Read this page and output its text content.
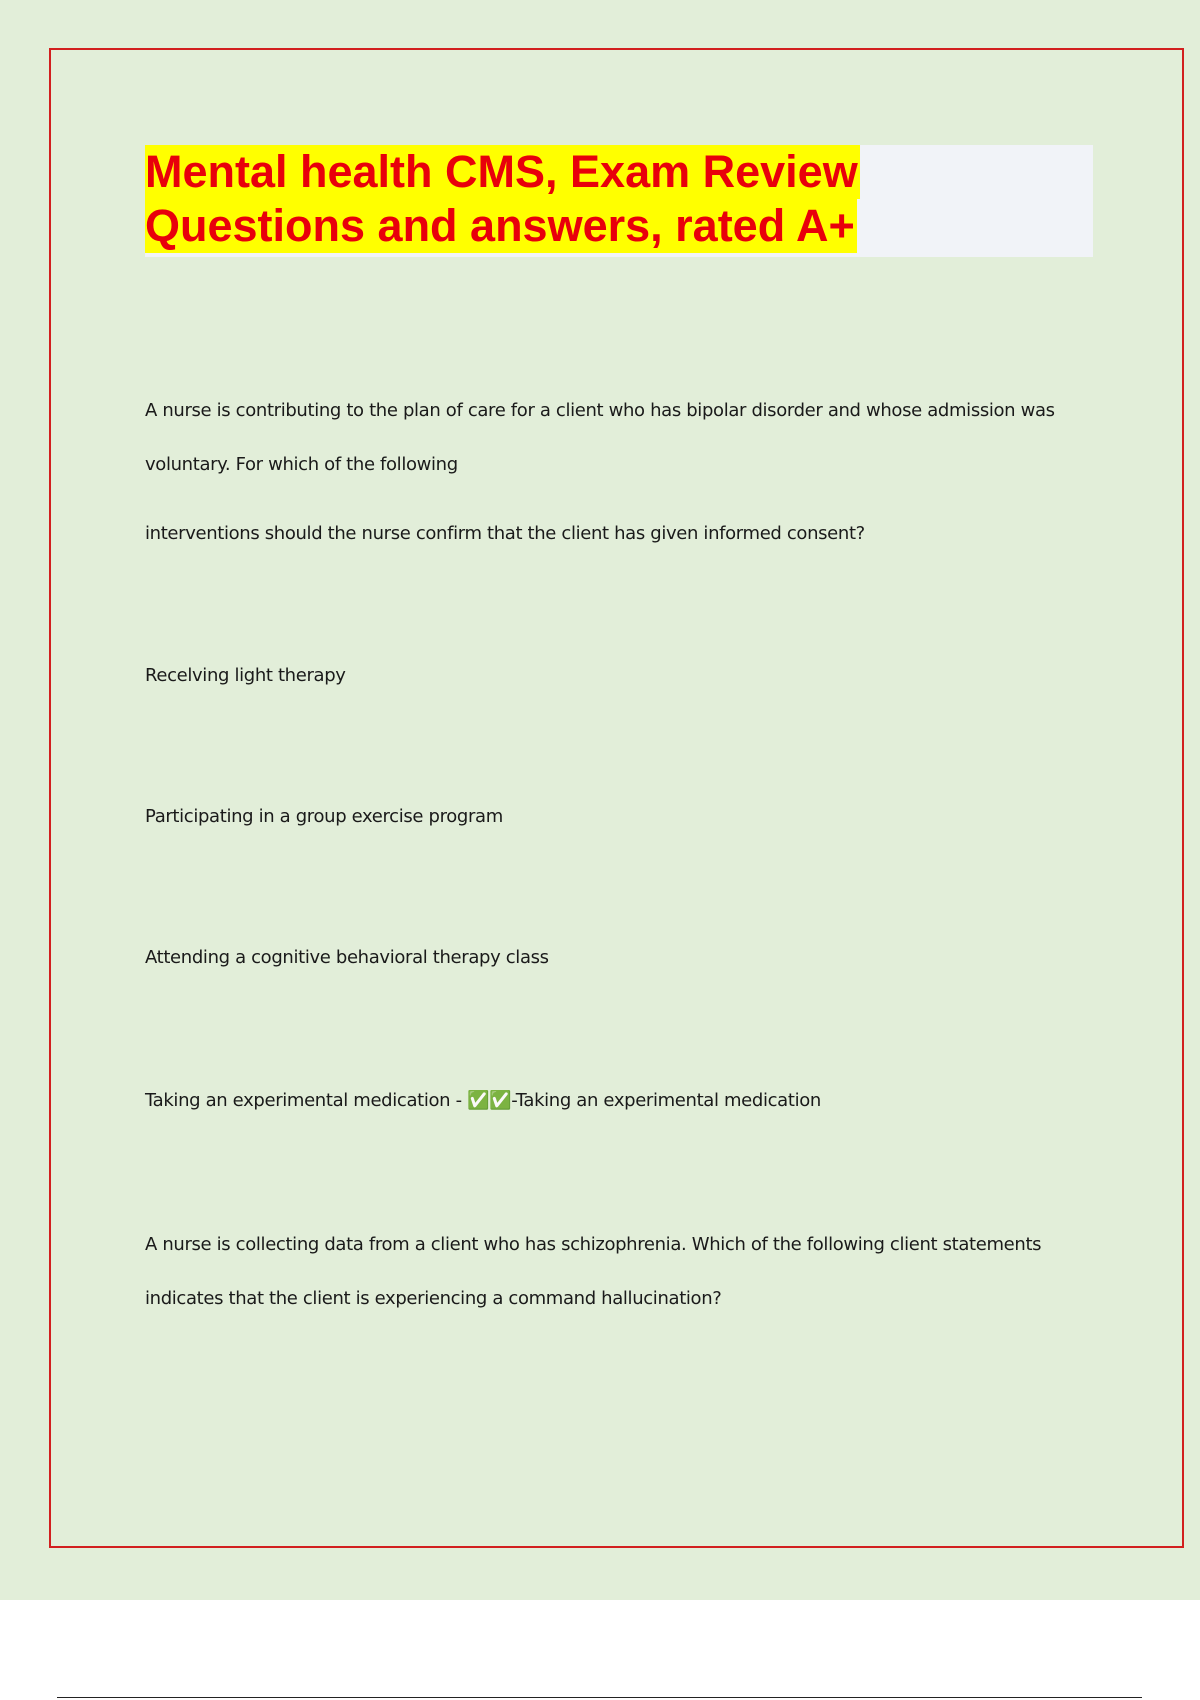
Mental health CMS, Exam Review
Questions and answers, rated A+

A nurse is contributing to the plan of care for a client who has bipolar disorder and whose admission was

voluntary. For which of the following

interventions should the nurse confirm that the client has given informed consent?

Recelving light therapy

Participating in a group exercise program

Attending a cognitive behavioral therapy class

Taking an experimental medication - ✅✅-Taking an experimental medication

A nurse is collecting data from a client who has schizophrenia. Which of the following client statements

indicates that the client is experiencing a command hallucination?
